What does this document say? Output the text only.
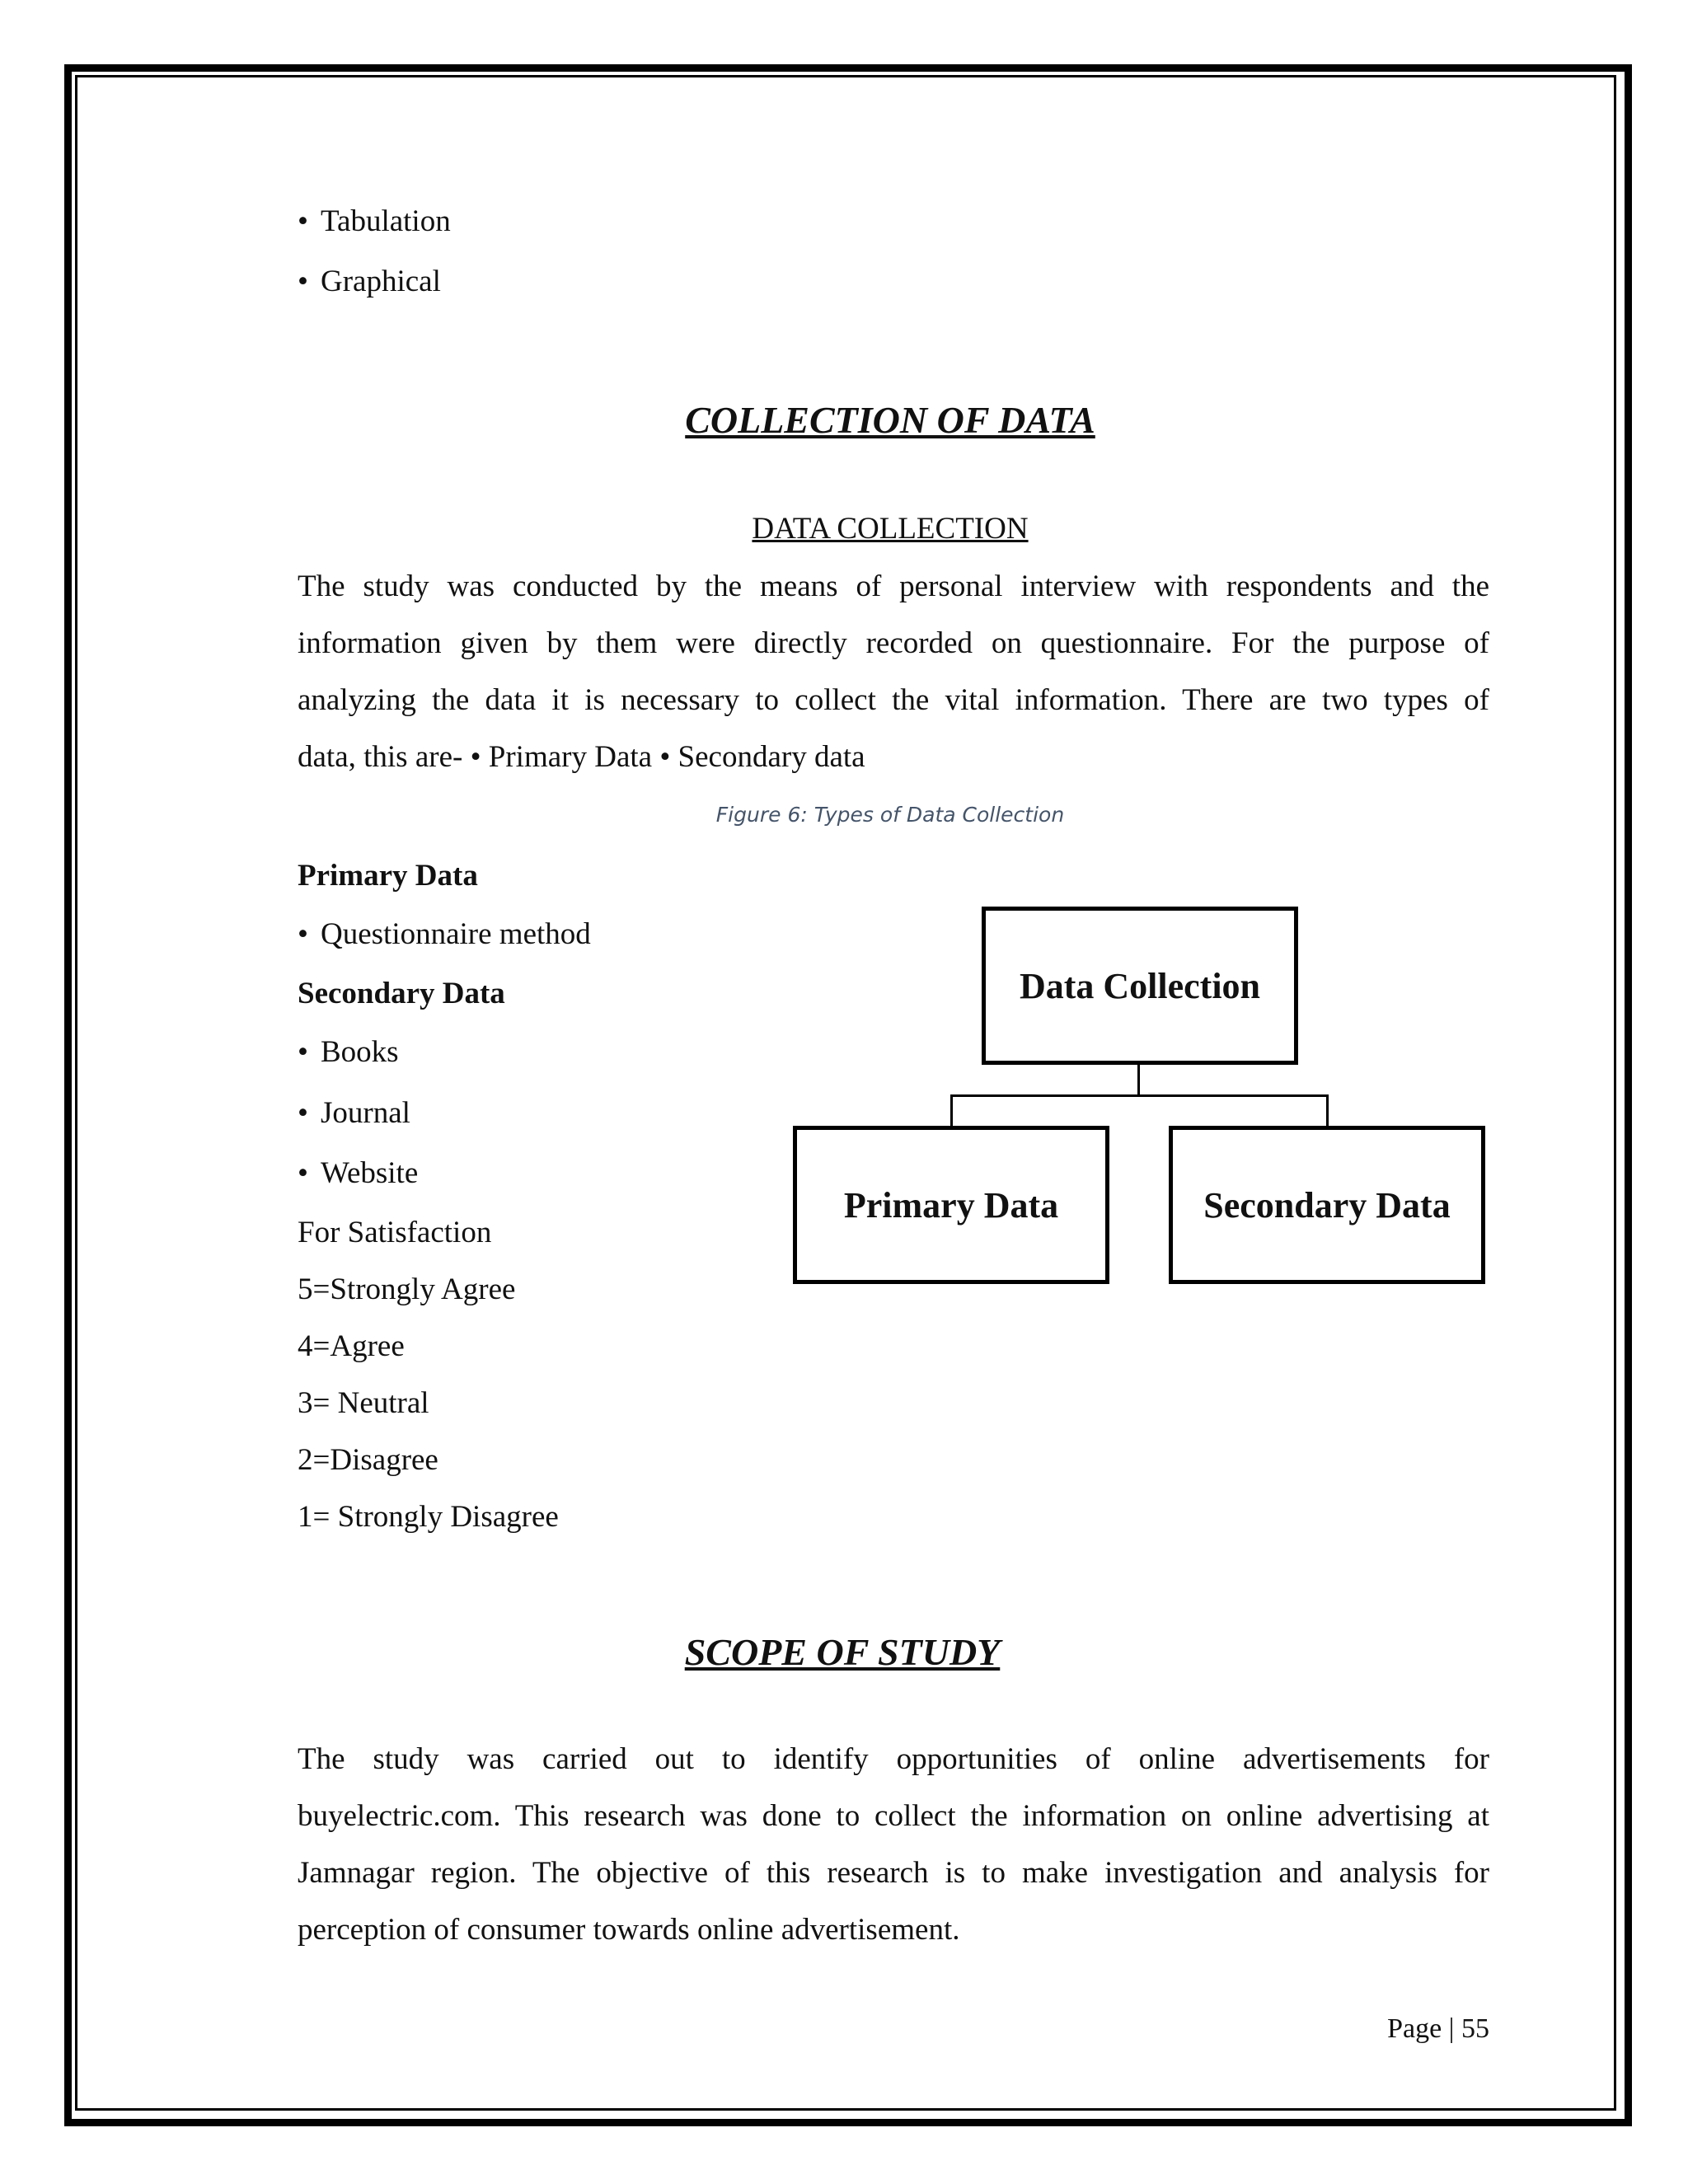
• Tabulation
• Graphical
COLLECTION OF DATA
DATA COLLECTION
The study was conducted by the means of personal interview with respondents and the
information given by them were directly recorded on questionnaire. For the purpose of
analyzing the data it is necessary to collect the vital information. There are two types of
data, this are- • Primary Data • Secondary data
Figure 6: Types of Data Collection
Primary Data
• Questionnaire method
Secondary Data
• Books
• Journal
• Website
For Satisfaction
5=Strongly Agree
4=Agree
3= Neutral
2=Disagree
1= Strongly Disagree
Data Collection
Primary Data	Secondary Data
SCOPE OF STUDY
The study was carried out to identify opportunities of online advertisements for
buyelectric.com. This research was done to collect the information on online advertising at
Jamnagar region. The objective of this research is to make investigation and analysis for
perception of consumer towards online advertisement.
Page | 55
